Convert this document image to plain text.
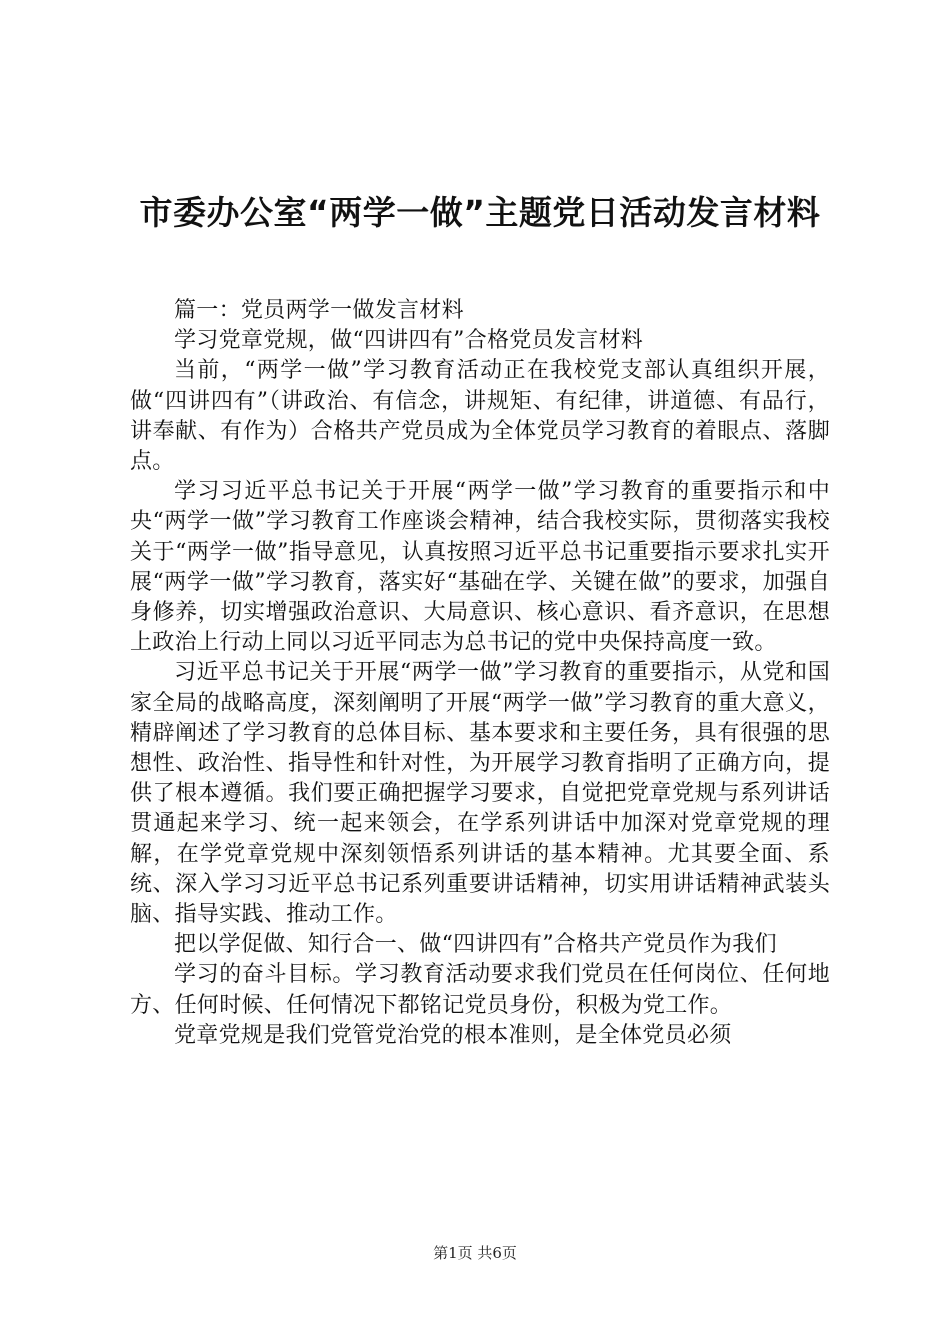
市委办公室“两学一做”主题党日活动发言材料

篇一：党员两学一做发言材料

学习党章党规，做“四讲四有”合格党员发言材料

当前，“两学一做”学习教育活动正在我校党支部认真组织开展，做“四讲四有”（讲政治、有信念，讲规矩、有纪律，讲道德、有品行，讲奉献、有作为）合格共产党员成为全体党员学习教育的着眼点、落脚点。

学习习近平总书记关于开展“两学一做”学习教育的重要指示和中央“两学一做”学习教育工作座谈会精神，结合我校实际，贯彻落实我校关于“两学一做”指导意见，认真按照习近平总书记重要指示要求扎实开展“两学一做”学习教育，落实好“基础在学、关键在做”的要求，加强自身修养，切实增强政治意识、大局意识、核心意识、看齐意识，在思想上政治上行动上同以习近平同志为总书记的党中央保持高度一致。

习近平总书记关于开展“两学一做”学习教育的重要指示，从党和国家全局的战略高度，深刻阐明了开展“两学一做”学习教育的重大意义，精辟阐述了学习教育的总体目标、基本要求和主要任务，具有很强的思想性、政治性、指导性和针对性，为开展学习教育指明了正确方向，提供了根本遵循。我们要正确把握学习要求，自觉把党章党规与系列讲话贯通起来学习、统一起来领会，在学系列讲话中加深对党章党规的理解，在学党章党规中深刻领悟系列讲话的基本精神。尤其要全面、系统、深入学习习近平总书记系列重要讲话精神，切实用讲话精神武装头脑、指导实践、推动工作。

把以学促做、知行合一、做“四讲四有”合格共产党员作为我们

学习的奋斗目标。学习教育活动要求我们党员在任何岗位、任何地方、任何时候、任何情况下都铭记党员身份，积极为党工作。

党章党规是我们党管党治党的根本准则，是全体党员必须

第1页 共6页
